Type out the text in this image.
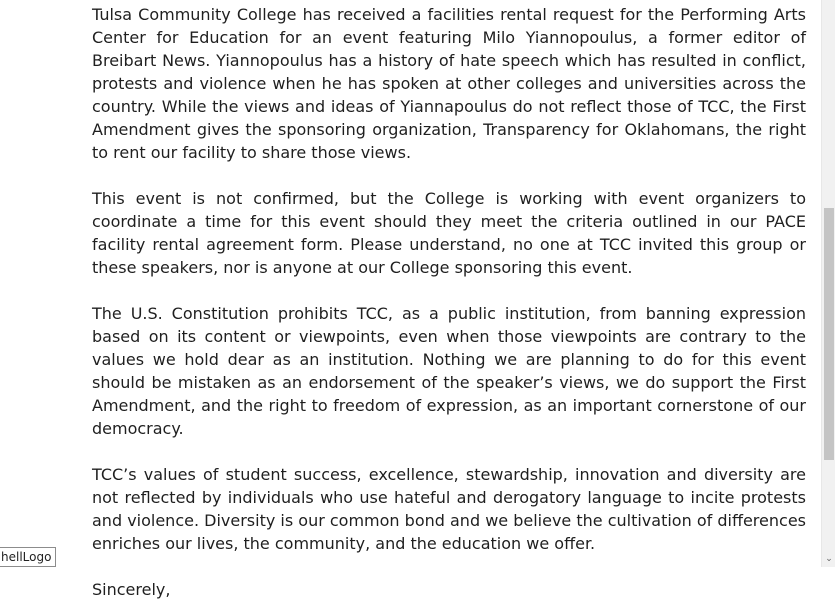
Tulsa Community College has received a facilities rental request for the Performing Arts Center for Education for an event featuring Milo Yiannopoulus, a former editor of Breibart News. Yiannopoulus has a history of hate speech which has resulted in conflict, protests and violence when he has spoken at other colleges and universities across the country. While the views and ideas of Yiannapoulus do not reflect those of TCC, the First Amendment gives the sponsoring organization, Transparency for Oklahomans, the right to rent our facility to share those views.

This event is not confirmed, but the College is working with event organizers to coordinate a time for this event should they meet the criteria outlined in our PACE facility rental agreement form. Please understand, no one at TCC invited this group or these speakers, nor is anyone at our College sponsoring this event.

The U.S. Constitution prohibits TCC, as a public institution, from banning expression based on its content or viewpoints, even when those viewpoints are contrary to the values we hold dear as an institution. Nothing we are planning to do for this event should be mistaken as an endorsement of the speaker’s views, we do support the First Amendment, and the right to freedom of expression, as an important cornerstone of our democracy.

TCC’s values of student success, excellence, stewardship, innovation and diversity are not reflected by individuals who use hateful and derogatory language to incite protests and violence. Diversity is our common bond and we believe the cultivation of differences enriches our lives, the community, and the education we offer.

Sincerely,

⌄
hellLogo
